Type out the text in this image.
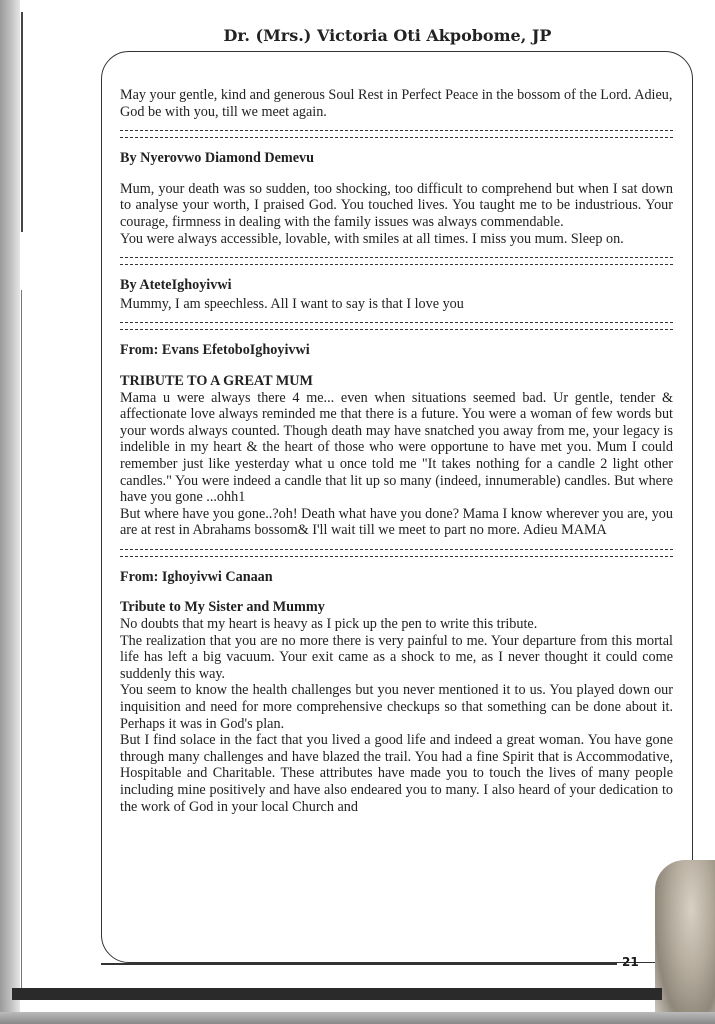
Dr. (Mrs.) Victoria Oti Akpobome, JP

May your gentle, kind and generous Soul Rest in Perfect Peace in the bossom of the Lord. Adieu,

God be with you, till we meet again.

By Nyerovwo Diamond Demevu

Mum, your death was so sudden, too shocking, too difficult to comprehend but when I sat down to analyse your worth, I praised God. You touched lives. You taught me to be industrious. Your courage, firmness in dealing with the family issues was always commendable.

You were always accessible, lovable, with smiles at all times. I miss you mum. Sleep on.

By AteteIghoyivwi

Mummy, I am speechless. All I want to say is that I love you

From: Evans EfetoboIghoyivwi

TRIBUTE TO A GREAT MUM

Mama u were always there 4 me... even when situations seemed bad. Ur gentle, tender & affectionate love always reminded me that there is a future. You were a woman of few words but your words always counted. Though death may have snatched you away from me, your legacy is indelible in my heart & the heart of those who were opportune to have met you. Mum I could remember just like yesterday what u once told me "It takes nothing for a candle 2 light other candles." You were indeed a candle that lit up so many (indeed, innumerable) candles. But where have you gone ...ohh1

But where have you gone..?oh! Death what have you done? Mama I know wherever you are, you are at rest in Abrahams bossom& I'll wait till we meet to part no more. Adieu MAMA

From: Ighoyivwi Canaan

Tribute to My Sister and Mummy

No doubts that my heart is heavy as I pick up the pen to write this tribute.

The realization that you are no more there is very painful to me. Your departure from this mortal life has left a big vacuum. Your exit came as a shock to me, as I never thought it could come suddenly this way.

You seem to know the health challenges but you never mentioned it to us. You played down our inquisition and need for more comprehensive checkups so that something can be done about it. Perhaps it was in God's plan.

But I find solace in the fact that you lived a good life and indeed a great woman. You have gone through many challenges and have blazed the trail. You had a fine Spirit that is Accommodative, Hospitable and Charitable. These attributes have made you to touch the lives of many people including mine positively and have also endeared you to many. I also heard of your dedication to the work of God in your local Church and

21
